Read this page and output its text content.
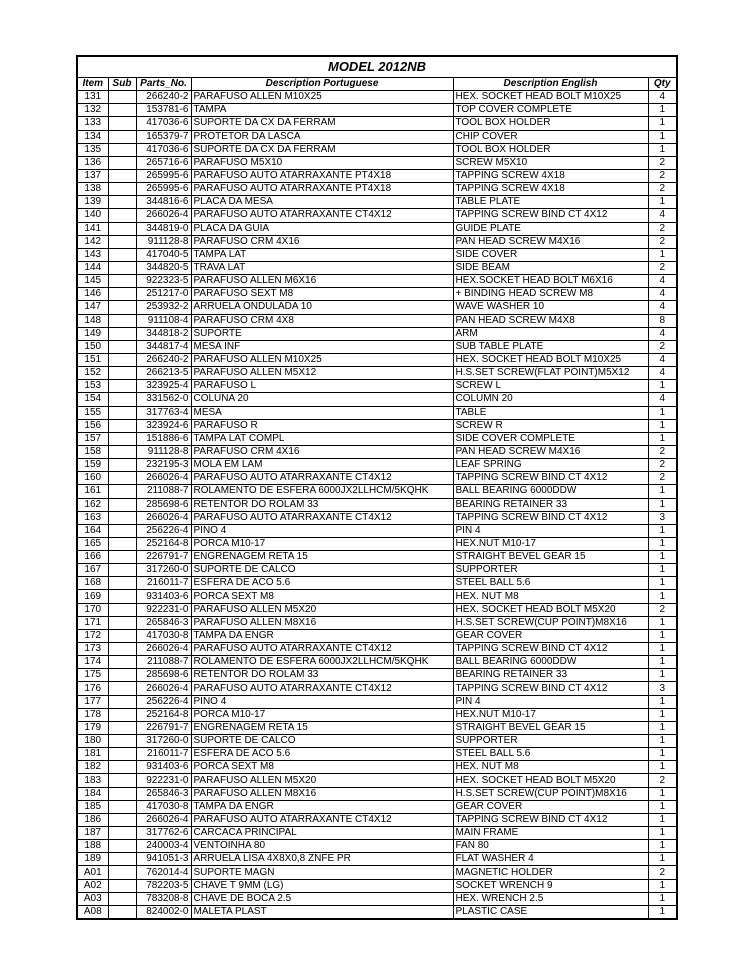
MODEL 2012NB
Item	Sub	Parts_No.	Description Portuguese	Description English	Qty
131		266240-2	PARAFUSO ALLEN M10X25	HEX. SOCKET HEAD BOLT M10X25	4
132		153781-6	TAMPA	TOP COVER COMPLETE	1
133		417036-6	SUPORTE DA CX DA FERRAM	TOOL BOX HOLDER	1
134		165379-7	PROTETOR DA LASCA	CHIP COVER	1
135		417036-6	SUPORTE DA CX DA FERRAM	TOOL BOX HOLDER	1
136		265716-6	PARAFUSO M5X10	SCREW M5X10	2
137		265995-6	PARAFUSO AUTO ATARRAXANTE PT4X18	TAPPING SCREW 4X18	2
138		265995-6	PARAFUSO AUTO ATARRAXANTE PT4X18	TAPPING SCREW 4X18	2
139		344816-6	PLACA DA MESA	TABLE PLATE	1
140		266026-4	PARAFUSO AUTO ATARRAXANTE CT4X12	TAPPING SCREW BIND CT 4X12	4
141		344819-0	PLACA DA GUIA	GUIDE PLATE	2
142		911128-8	PARAFUSO CRM 4X16	PAN HEAD SCREW M4X16	2
143		417040-5	TAMPA LAT	SIDE COVER	1
144		344820-5	TRAVA LAT	SIDE BEAM	2
145		922323-5	PARAFUSO ALLEN M6X16	HEX.SOCKET HEAD BOLT M6X16	4
146		251217-0	PARAFUSO SEXT M8	+ BINDING HEAD SCREW M8	4
147		253932-2	ARRUELA ONDULADA 10	WAVE WASHER 10	4
148		911108-4	PARAFUSO CRM 4X8	PAN HEAD SCREW M4X8	8
149		344818-2	SUPORTE	ARM	4
150		344817-4	MESA INF	SUB TABLE PLATE	2
151		266240-2	PARAFUSO ALLEN M10X25	HEX. SOCKET HEAD BOLT M10X25	4
152		266213-5	PARAFUSO ALLEN M5X12	H.S.SET SCREW(FLAT POINT)M5X12	4
153		323925-4	PARAFUSO L	SCREW L	1
154		331562-0	COLUNA 20	COLUMN 20	4
155		317763-4	MESA	TABLE	1
156		323924-6	PARAFUSO R	SCREW R	1
157		151886-6	TAMPA LAT COMPL	SIDE COVER COMPLETE	1
158		911128-8	PARAFUSO CRM 4X16	PAN HEAD SCREW M4X16	2
159		232195-3	MOLA EM LAM	LEAF SPRING	2
160		266026-4	PARAFUSO AUTO ATARRAXANTE CT4X12	TAPPING SCREW BIND CT 4X12	2
161		211088-7	ROLAMENTO DE ESFERA 6000JX2LLHCM/5KQHK	BALL BEARING 6000DDW	1
162		285698-6	RETENTOR DO ROLAM 33	BEARING RETAINER 33	1
163		266026-4	PARAFUSO AUTO ATARRAXANTE CT4X12	TAPPING SCREW BIND CT 4X12	3
164		256226-4	PINO 4	PIN 4	1
165		252164-8	PORCA M10-17	HEX.NUT M10-17	1
166		226791-7	ENGRENAGEM RETA 15	STRAIGHT BEVEL GEAR 15	1
167		317260-0	SUPORTE DE CALCO	SUPPORTER	1
168		216011-7	ESFERA DE ACO 5.6	STEEL BALL 5.6	1
169		931403-6	PORCA SEXT M8	HEX. NUT M8	1
170		922231-0	PARAFUSO ALLEN M5X20	HEX. SOCKET HEAD BOLT M5X20	2
171		265846-3	PARAFUSO ALLEN M8X16	H.S.SET SCREW(CUP POINT)M8X16	1
172		417030-8	TAMPA DA ENGR	GEAR COVER	1
173		266026-4	PARAFUSO AUTO ATARRAXANTE CT4X12	TAPPING SCREW BIND CT 4X12	1
174		211088-7	ROLAMENTO DE ESFERA 6000JX2LLHCM/5KQHK	BALL BEARING 6000DDW	1
175		285698-6	RETENTOR DO ROLAM 33	BEARING RETAINER 33	1
176		266026-4	PARAFUSO AUTO ATARRAXANTE CT4X12	TAPPING SCREW BIND CT 4X12	3
177		256226-4	PINO 4	PIN 4	1
178		252164-8	PORCA M10-17	HEX.NUT M10-17	1
179		226791-7	ENGRENAGEM RETA 15	STRAIGHT BEVEL GEAR 15	1
180		317260-0	SUPORTE DE CALCO	SUPPORTER	1
181		216011-7	ESFERA DE ACO 5.6	STEEL BALL 5.6	1
182		931403-6	PORCA SEXT M8	HEX. NUT M8	1
183		922231-0	PARAFUSO ALLEN M5X20	HEX. SOCKET HEAD BOLT M5X20	2
184		265846-3	PARAFUSO ALLEN M8X16	H.S.SET SCREW(CUP POINT)M8X16	1
185		417030-8	TAMPA DA ENGR	GEAR COVER	1
186		266026-4	PARAFUSO AUTO ATARRAXANTE CT4X12	TAPPING SCREW BIND CT 4X12	1
187		317762-6	CARCACA PRINCIPAL	MAIN FRAME	1
188		240003-4	VENTOINHA 80	FAN 80	1
189		941051-3	ARRUELA LISA 4X8X0,8 ZNFE PR	FLAT WASHER 4	1
A01		762014-4	SUPORTE MAGN	MAGNETIC HOLDER	2
A02		782203-5	CHAVE T 9MM (LG)	SOCKET WRENCH 9	1
A03		783208-8	CHAVE DE BOCA 2.5	HEX. WRENCH 2.5	1
A08		824002-0	MALETA PLAST	PLASTIC CASE	1
